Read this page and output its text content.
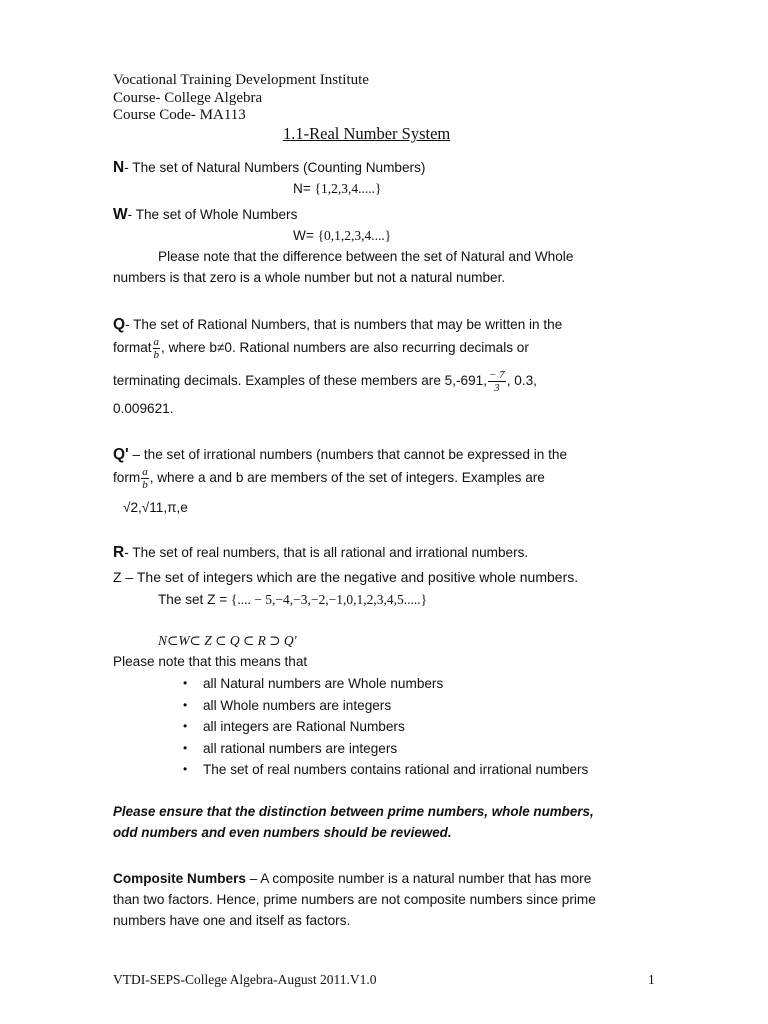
Vocational Training Development Institute
Course- College Algebra
Course Code- MA113
1.1-Real Number System
N- The set of Natural Numbers (Counting Numbers)
N= {1,2,3,4.....}
W- The set of Whole Numbers
W= {0,1,2,3,4....}
Please note that the difference between the set of Natural and Whole
numbers is that zero is a whole number but not a natural number.
Q- The set of Rational Numbers, that is numbers that may be written in the
format $\frac{a}{b}$ , where b≠0. Rational numbers are also recurring decimals or
terminating decimals. Examples of these members are 5,-691, $\frac{- 7}{3}$ , 0.3,
0.009621.
Q' – the set of irrational numbers (numbers that cannot be expressed in the
form $\frac{a}{b}$ , where a and b are members of the set of integers. Examples are
√2,√11,π,e
R- The set of real numbers, that is all rational and irrational numbers.
Z – The set of integers which are the negative and positive whole numbers.
The set Z = {.... − 5,−4,−3,−2,−1,0,1,2,3,4,5.....}
N⊂W⊂ Z ⊂ Q ⊂ R ⊃ Q'
Please note that this means that
• all Natural numbers are Whole numbers
• all Whole numbers are integers
• all integers are Rational Numbers
• all rational numbers are integers
• The set of real numbers contains rational and irrational numbers
Please ensure that the distinction between prime numbers, whole numbers,
odd numbers and even numbers should be reviewed.
Composite Numbers – A composite number is a natural number that has more
than two factors. Hence, prime numbers are not composite numbers since prime
numbers have one and itself as factors.
VTDI-SEPS-College Algebra-August 2011.V1.0	1
